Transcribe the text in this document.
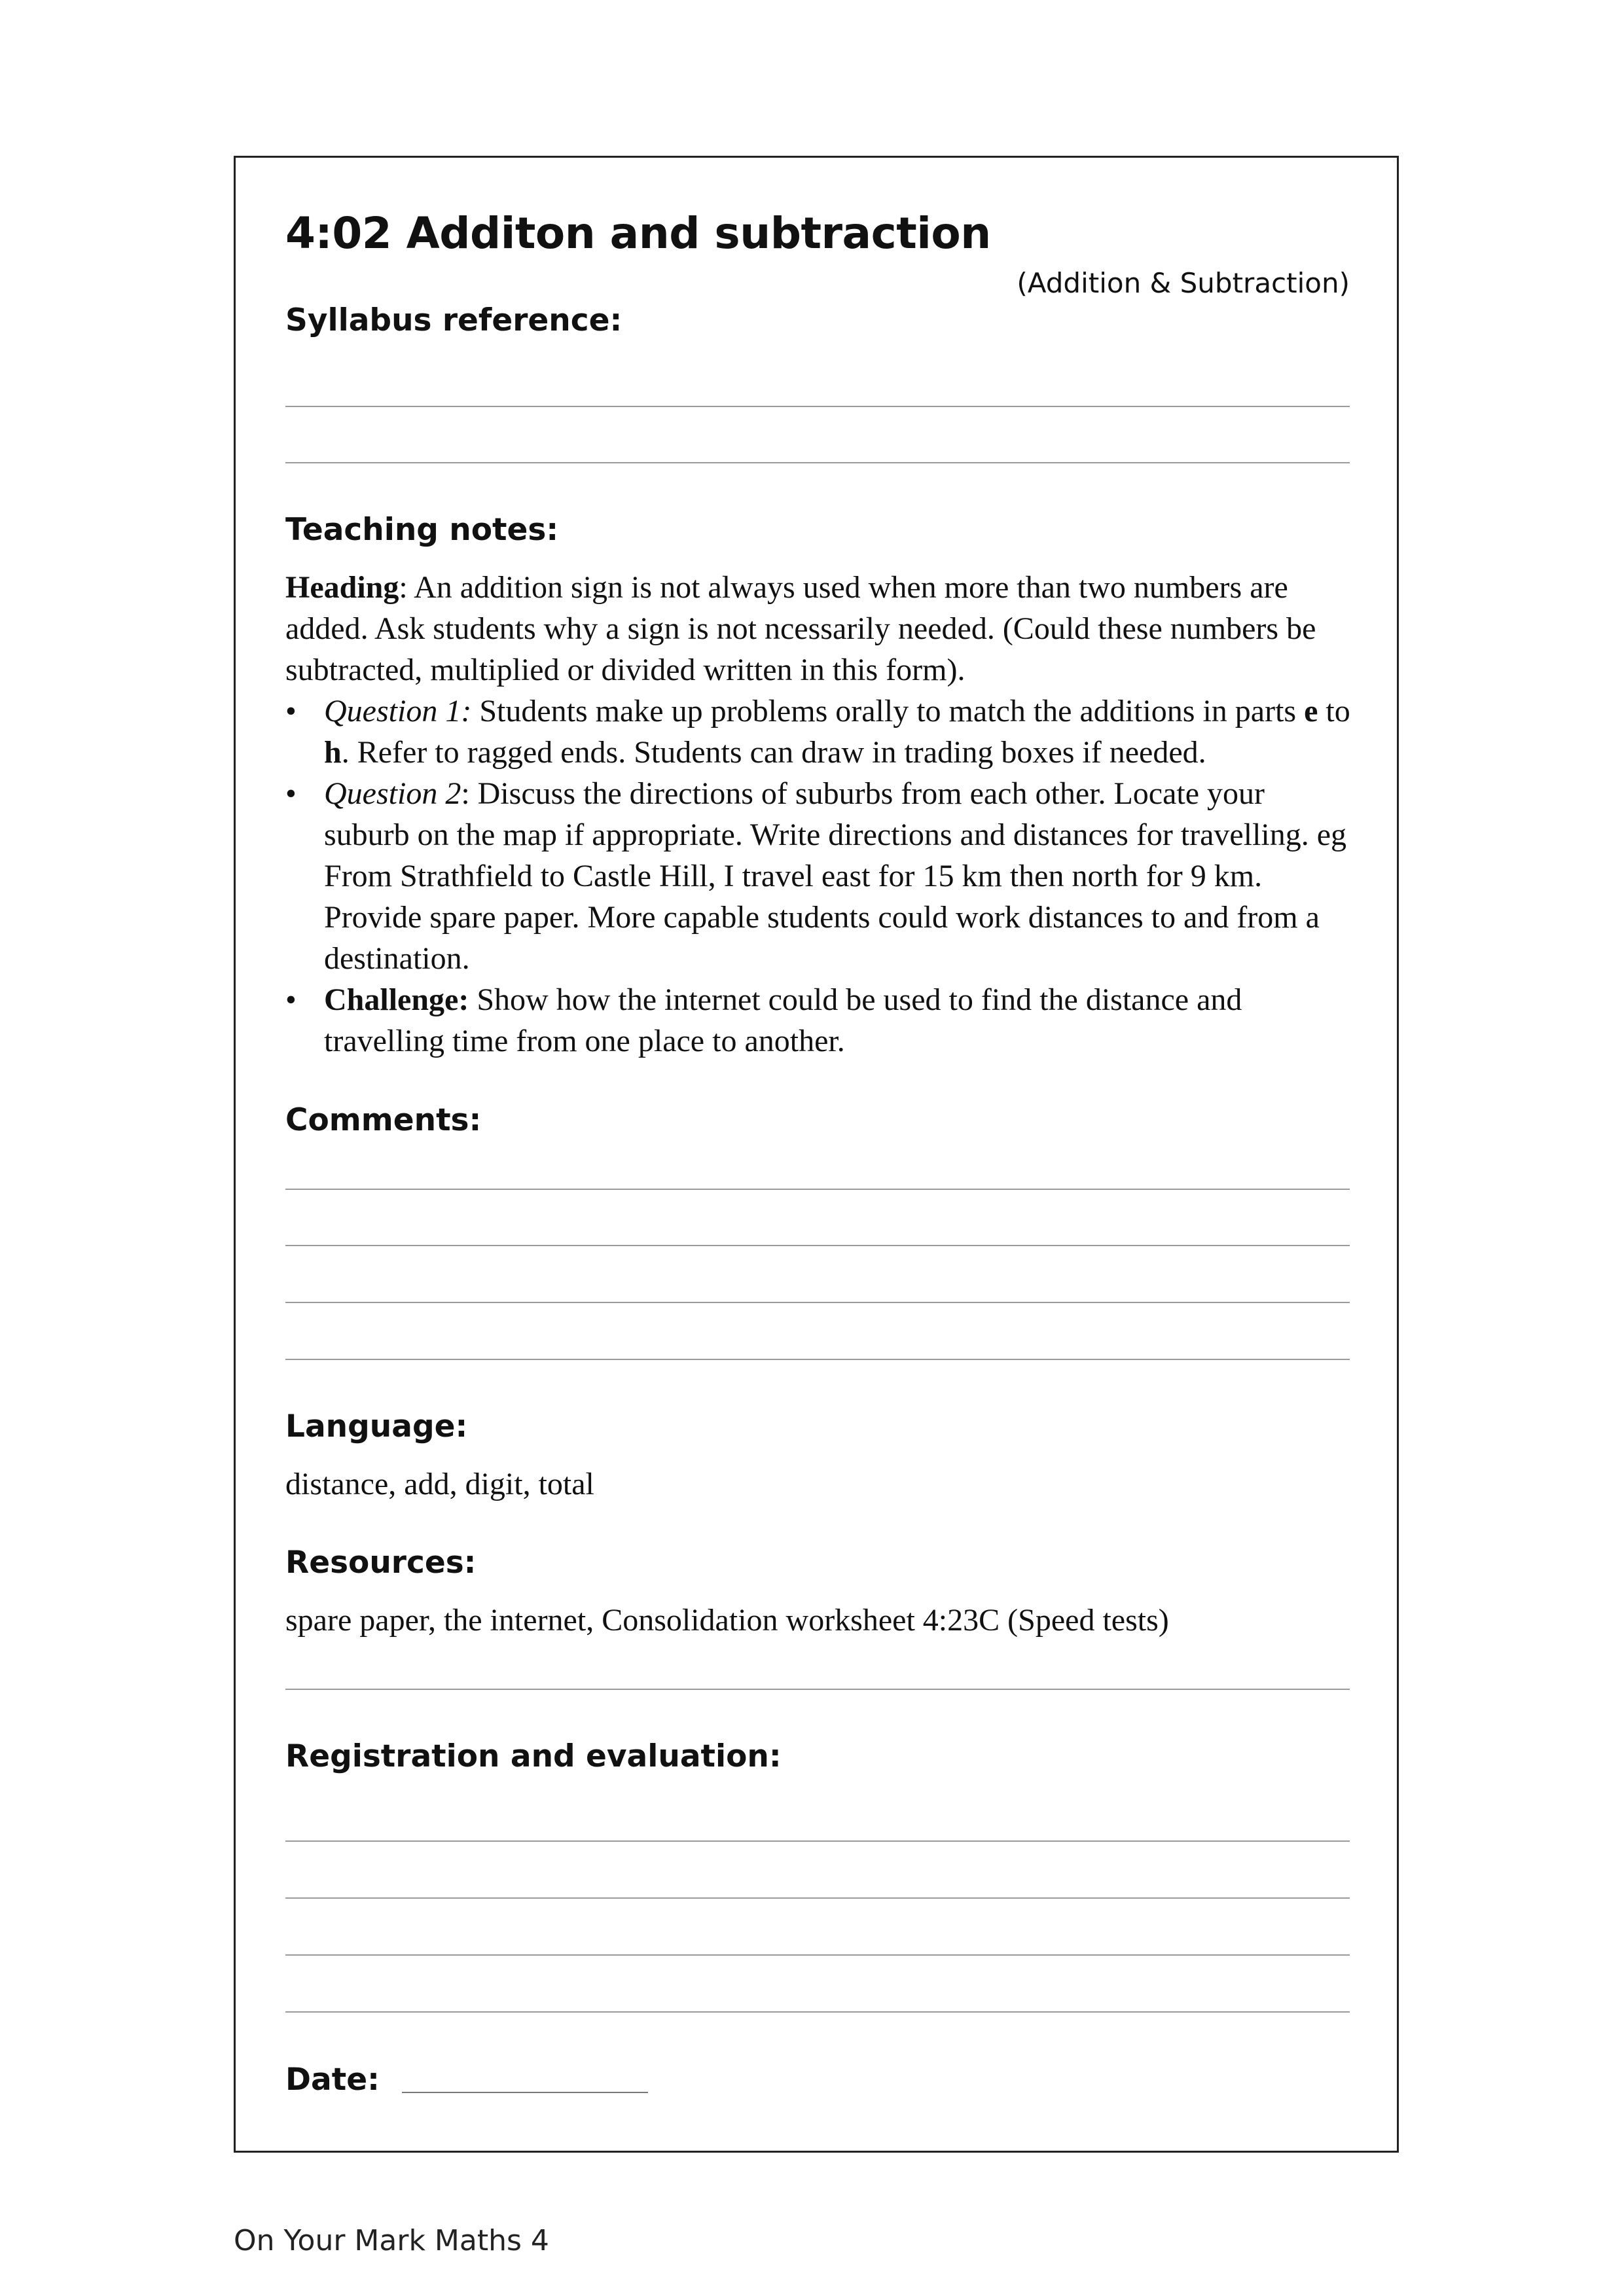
4:02 Additon and subtraction
(Addition & Subtraction)
Syllabus reference:
Teaching notes:

Heading: An addition sign is not always used when more than two numbers are added. Ask students why a sign is not ncessarily needed. (Could these numbers be subtracted, multiplied or divided written in this form).

• Question 1: Students make up problems orally to match the additions in parts e to h. Refer to ragged ends. Students can draw in trading boxes if needed.
• Question 2: Discuss the directions of suburbs from each other. Locate your suburb on the map if appropriate. Write directions and distances for travelling. eg From Strathfield to Castle Hill, I travel east for 15 km then north for 9 km. Provide spare paper. More capable students could work distances to and from a destination.
• Challenge: Show how the internet could be used to find the distance and travelling time from one place to another.
Comments:
Language:
distance, add, digit, total
Resources:
spare paper, the internet, Consolidation worksheet 4:23C (Speed tests)
Registration and evaluation:
Date:
On Your Mark Maths 4
